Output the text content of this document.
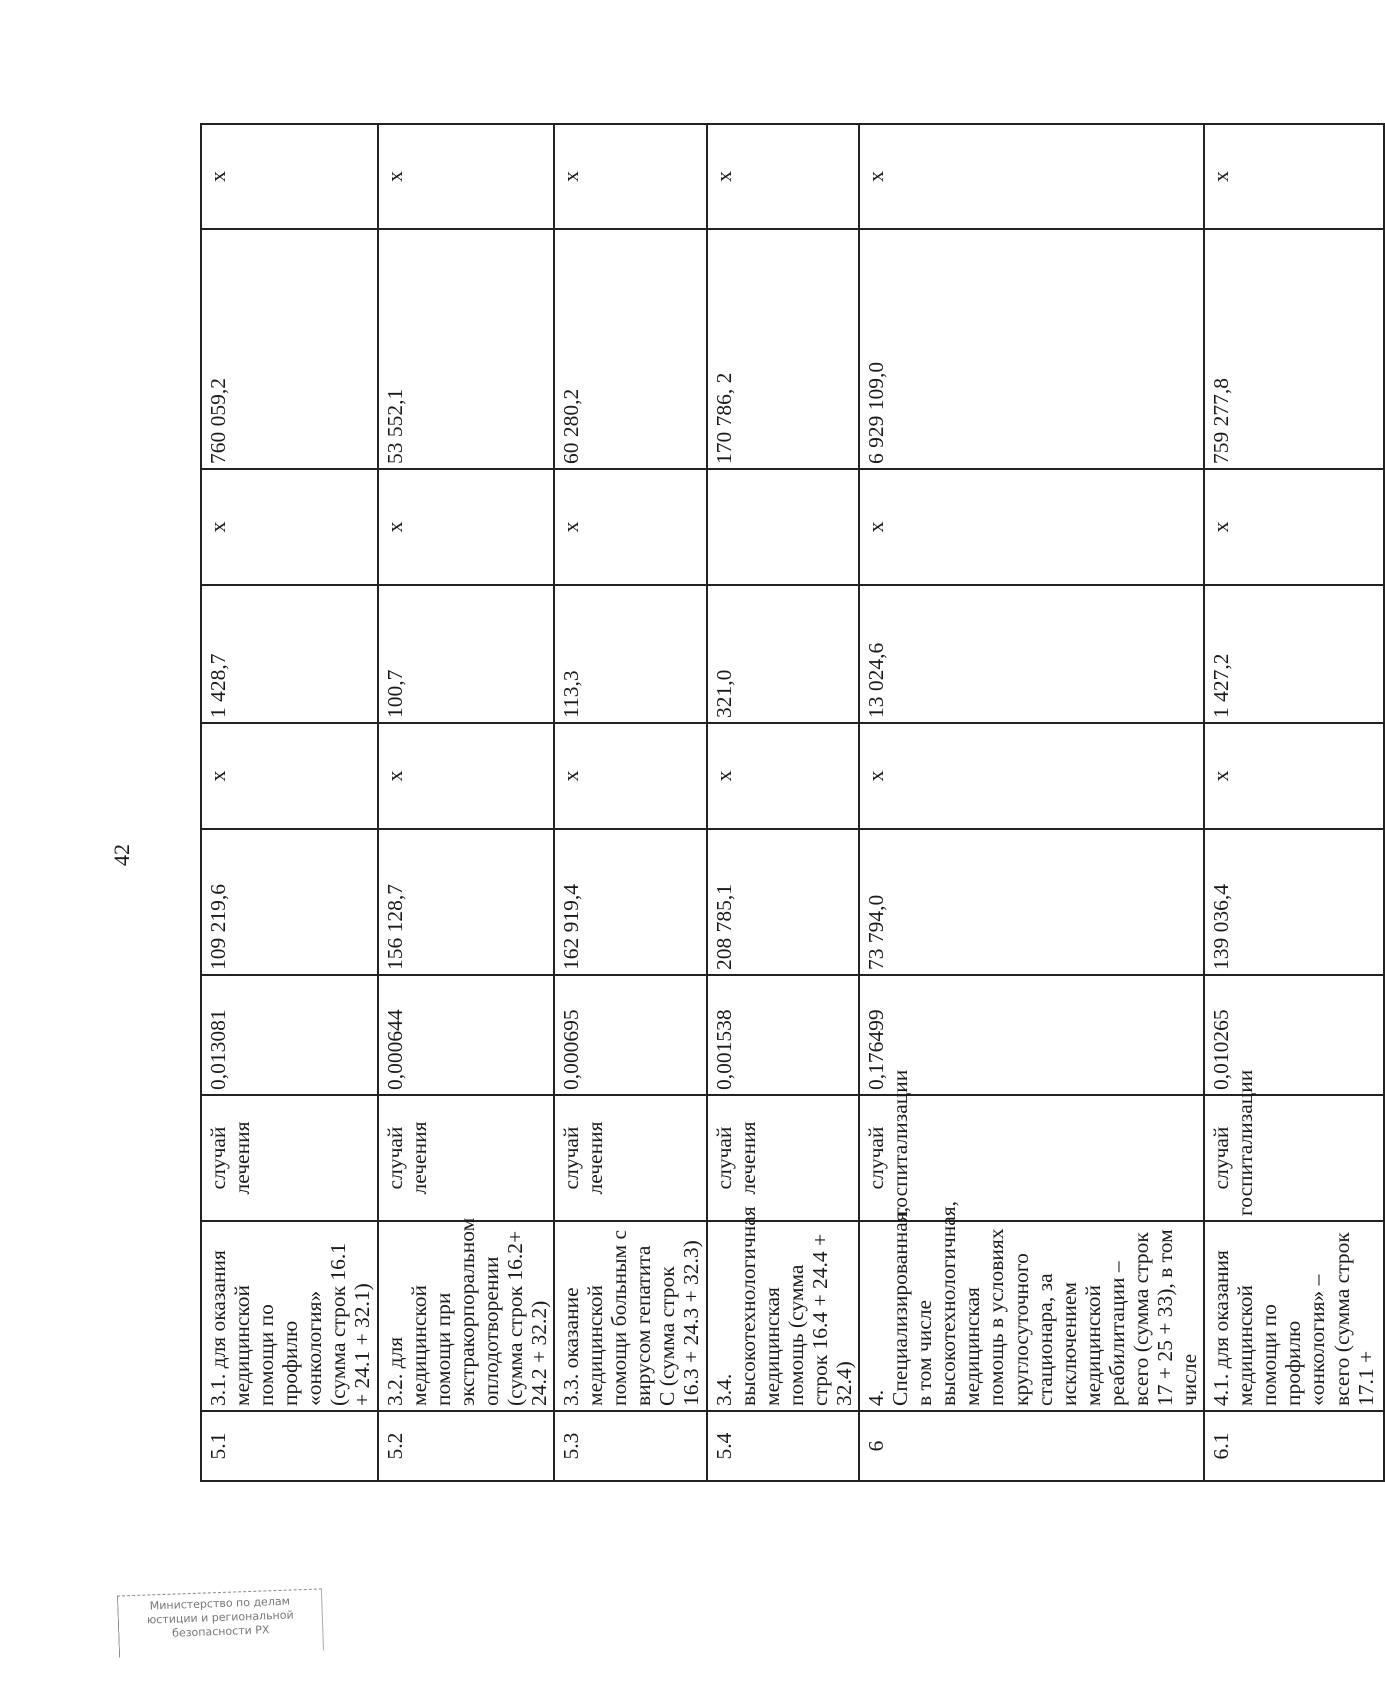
42
5.1	3.1. для оказания медицинской помощи по профилю «онкология» (сумма строк 16.1 + 24.1 + 32.1)	случай лечения	0,013081	109 219,6	x	1 428,7	x	760 059,2	x
5.2	3.2. для медицинской помощи при экстракорпоральном оплодотворении (сумма строк 16.2+ 24.2 + 32.2)	случай лечения	0,000644	156 128,7	x	100,7	x	53 552,1	x
5.3	3.3. оказание медицинской помощи больным с вирусом гепатита С (сумма строк 16.3 + 24.3 + 32.3)	случай лечения	0,000695	162 919,4	x	113,3	x	60 280,2	x
5.4	3.4. высокотехнологичная медицинская помощь (сумма строк 16.4 + 24.4 + 32.4)	случай лечения	0,001538	208 785,1	x	321,0		170 786, 2	x
6	4. Специализированная, в том числе высокотехнологичная, медицинская помощь в условиях круглосуточного стационара, за исключением медицинской реабилитации – всего (сумма строк 17 + 25 + 33), в том числе	случай госпитализации	0,176499	73 794,0	x	13 024,6	x	6 929 109,0	x
6.1	4.1. для оказания медицинской помощи по профилю «онкология» – всего (сумма строк 17.1 +	случай госпитализации	0,010265	139 036,4	x	1 427,2	x	759 277,8	x
Министерство по делам
юстиции и региональной
безопасности РХ
